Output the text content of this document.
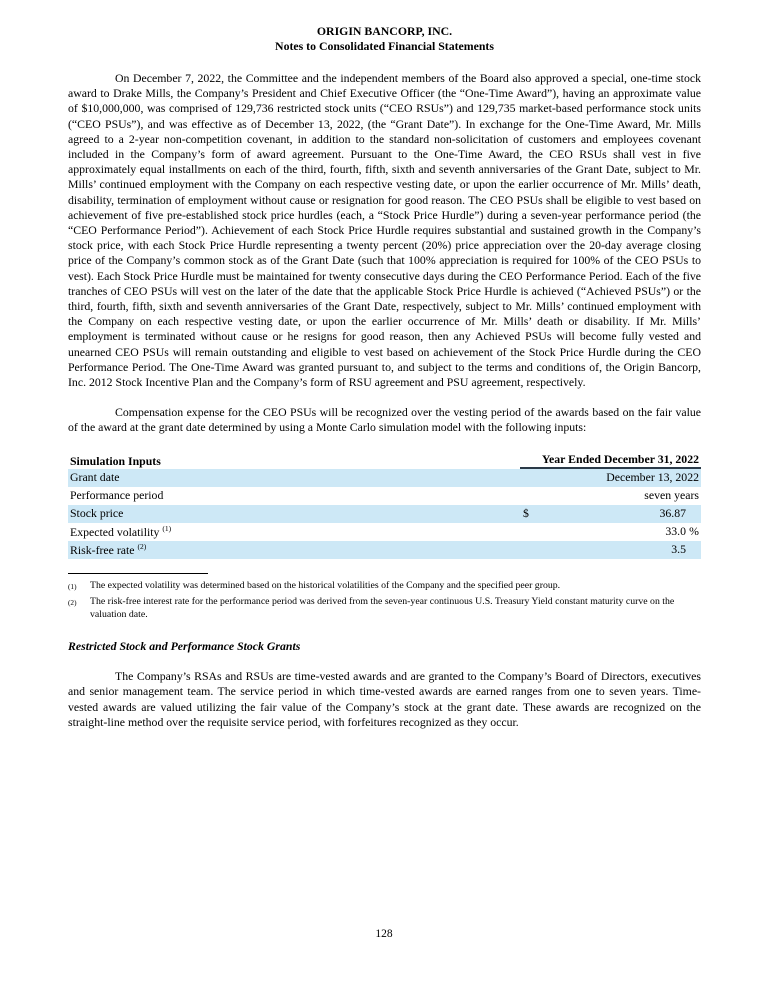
ORIGIN BANCORP, INC.
Notes to Consolidated Financial Statements

On December 7, 2022, the Committee and the independent members of the Board also approved a special, one-time stock award to Drake Mills, the Company’s President and Chief Executive Officer (the “One-Time Award”), having an approximate value of $10,000,000, was comprised of 129,736 restricted stock units (“CEO RSUs”) and 129,735 market-based performance stock units (“CEO PSUs”), and was effective as of December 13, 2022, (the “Grant Date”). In exchange for the One-Time Award, Mr. Mills agreed to a 2-year non-competition covenant, in addition to the standard non-solicitation of customers and employees covenant included in the Company’s form of award agreement. Pursuant to the One-Time Award, the CEO RSUs shall vest in five approximately equal installments on each of the third, fourth, fifth, sixth and seventh anniversaries of the Grant Date, subject to Mr. Mills’ continued employment with the Company on each respective vesting date, or upon the earlier occurrence of Mr. Mills’ death, disability, termination of employment without cause or resignation for good reason. The CEO PSUs shall be eligible to vest based on achievement of five pre-established stock price hurdles (each, a “Stock Price Hurdle”) during a seven-year performance period (the “CEO Performance Period”). Achievement of each Stock Price Hurdle requires substantial and sustained growth in the Company’s stock price, with each Stock Price Hurdle representing a twenty percent (20%) price appreciation over the 20-day average closing price of the Company’s common stock as of the Grant Date (such that 100% appreciation is required for 100% of the CEO PSUs to vest). Each Stock Price Hurdle must be maintained for twenty consecutive days during the CEO Performance Period. Each of the five tranches of CEO PSUs will vest on the later of the date that the applicable Stock Price Hurdle is achieved (“Achieved PSUs”) or the third, fourth, fifth, sixth and seventh anniversaries of the Grant Date, respectively, subject to Mr. Mills’ continued employment with the Company on each respective vesting date, or upon the earlier occurrence of Mr. Mills’ death or disability. If Mr. Mills’ employment is terminated without cause or he resigns for good reason, then any Achieved PSUs will become fully vested and unearned CEO PSUs will remain outstanding and eligible to vest based on achievement of the Stock Price Hurdle during the CEO Performance Period. The One-Time Award was granted pursuant to, and subject to the terms and conditions of, the Origin Bancorp, Inc. 2012 Stock Incentive Plan and the Company’s form of RSU agreement and PSU agreement, respectively.

Compensation expense for the CEO PSUs will be recognized over the vesting period of the awards based on the fair value of the award at the grant date determined by using a Monte Carlo simulation model with the following inputs:

Simulation Inputs	Year Ended December 31, 2022
Grant date	December 13, 2022
Performance period	seven years
Stock price	$	36.87
Expected volatility $^{(1)}$	33.0 %
Risk-free rate $^{(2)}$	3.5
(1)	The expected volatility was determined based on the historical volatilities of the Company and the specified peer group.
(2)	The risk-free interest rate for the performance period was derived from the seven-year continuous U.S. Treasury Yield constant maturity curve on the valuation date.
Restricted Stock and Performance Stock Grants

The Company’s RSAs and RSUs are time-vested awards and are granted to the Company’s Board of Directors, executives and senior management team. The service period in which time-vested awards are earned ranges from one to seven years. Time-vested awards are valued utilizing the fair value of the Company’s stock at the grant date. These awards are recognized on the straight-line method over the requisite service period, with forfeitures recognized as they occur.

128
